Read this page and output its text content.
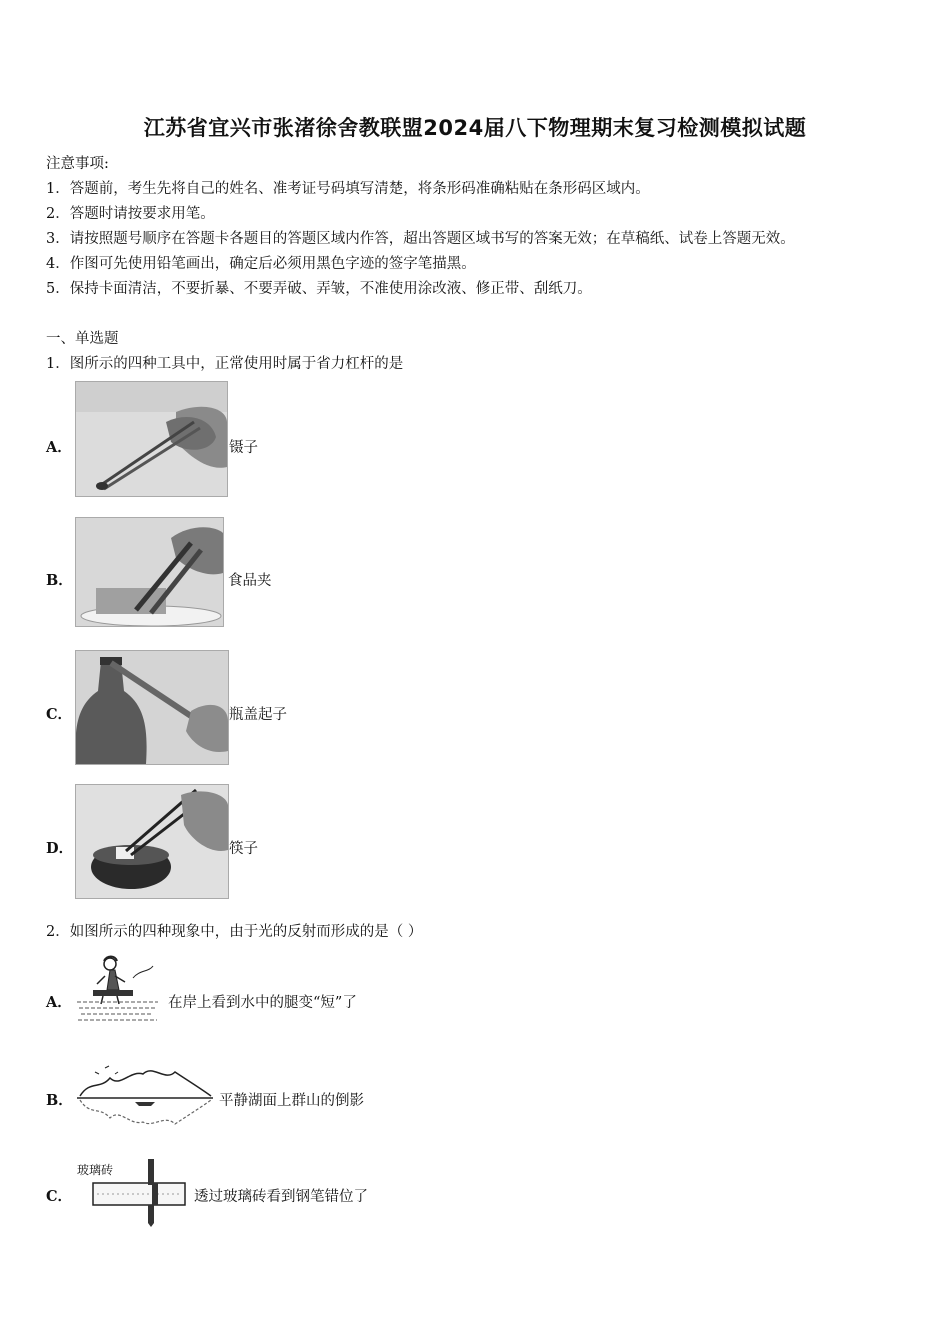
江苏省宜兴市张渚徐舍教联盟2024届八下物理期末复习检测模拟试题
注意事项:
1．答题前，考生先将自己的姓名、准考证号码填写清楚，将条形码准确粘贴在条形码区域内。
2．答题时请按要求用笔。
3．请按照题号顺序在答题卡各题目的答题区域内作答，超出答题区域书写的答案无效；在草稿纸、试卷上答题无效。
4．作图可先使用铅笔画出，确定后必须用黑色字迹的签字笔描黑。
5．保持卡面清洁，不要折暴、不要弄破、弄皱，不准使用涂改液、修正带、刮纸刀。
一、单选题
1．图所示的四种工具中，正常使用时属于省力杠杆的是
A．	镊子
B．	食品夹
C．	瓶盖起子
D．	筷子
2．如图所示的四种现象中，由于光的反射而形成的是（ ）
A．	在岸上看到水中的腿变“短”了
B．	平静湖面上群山的倒影
C．
玻璃砖
透过玻璃砖看到钢笔错位了
